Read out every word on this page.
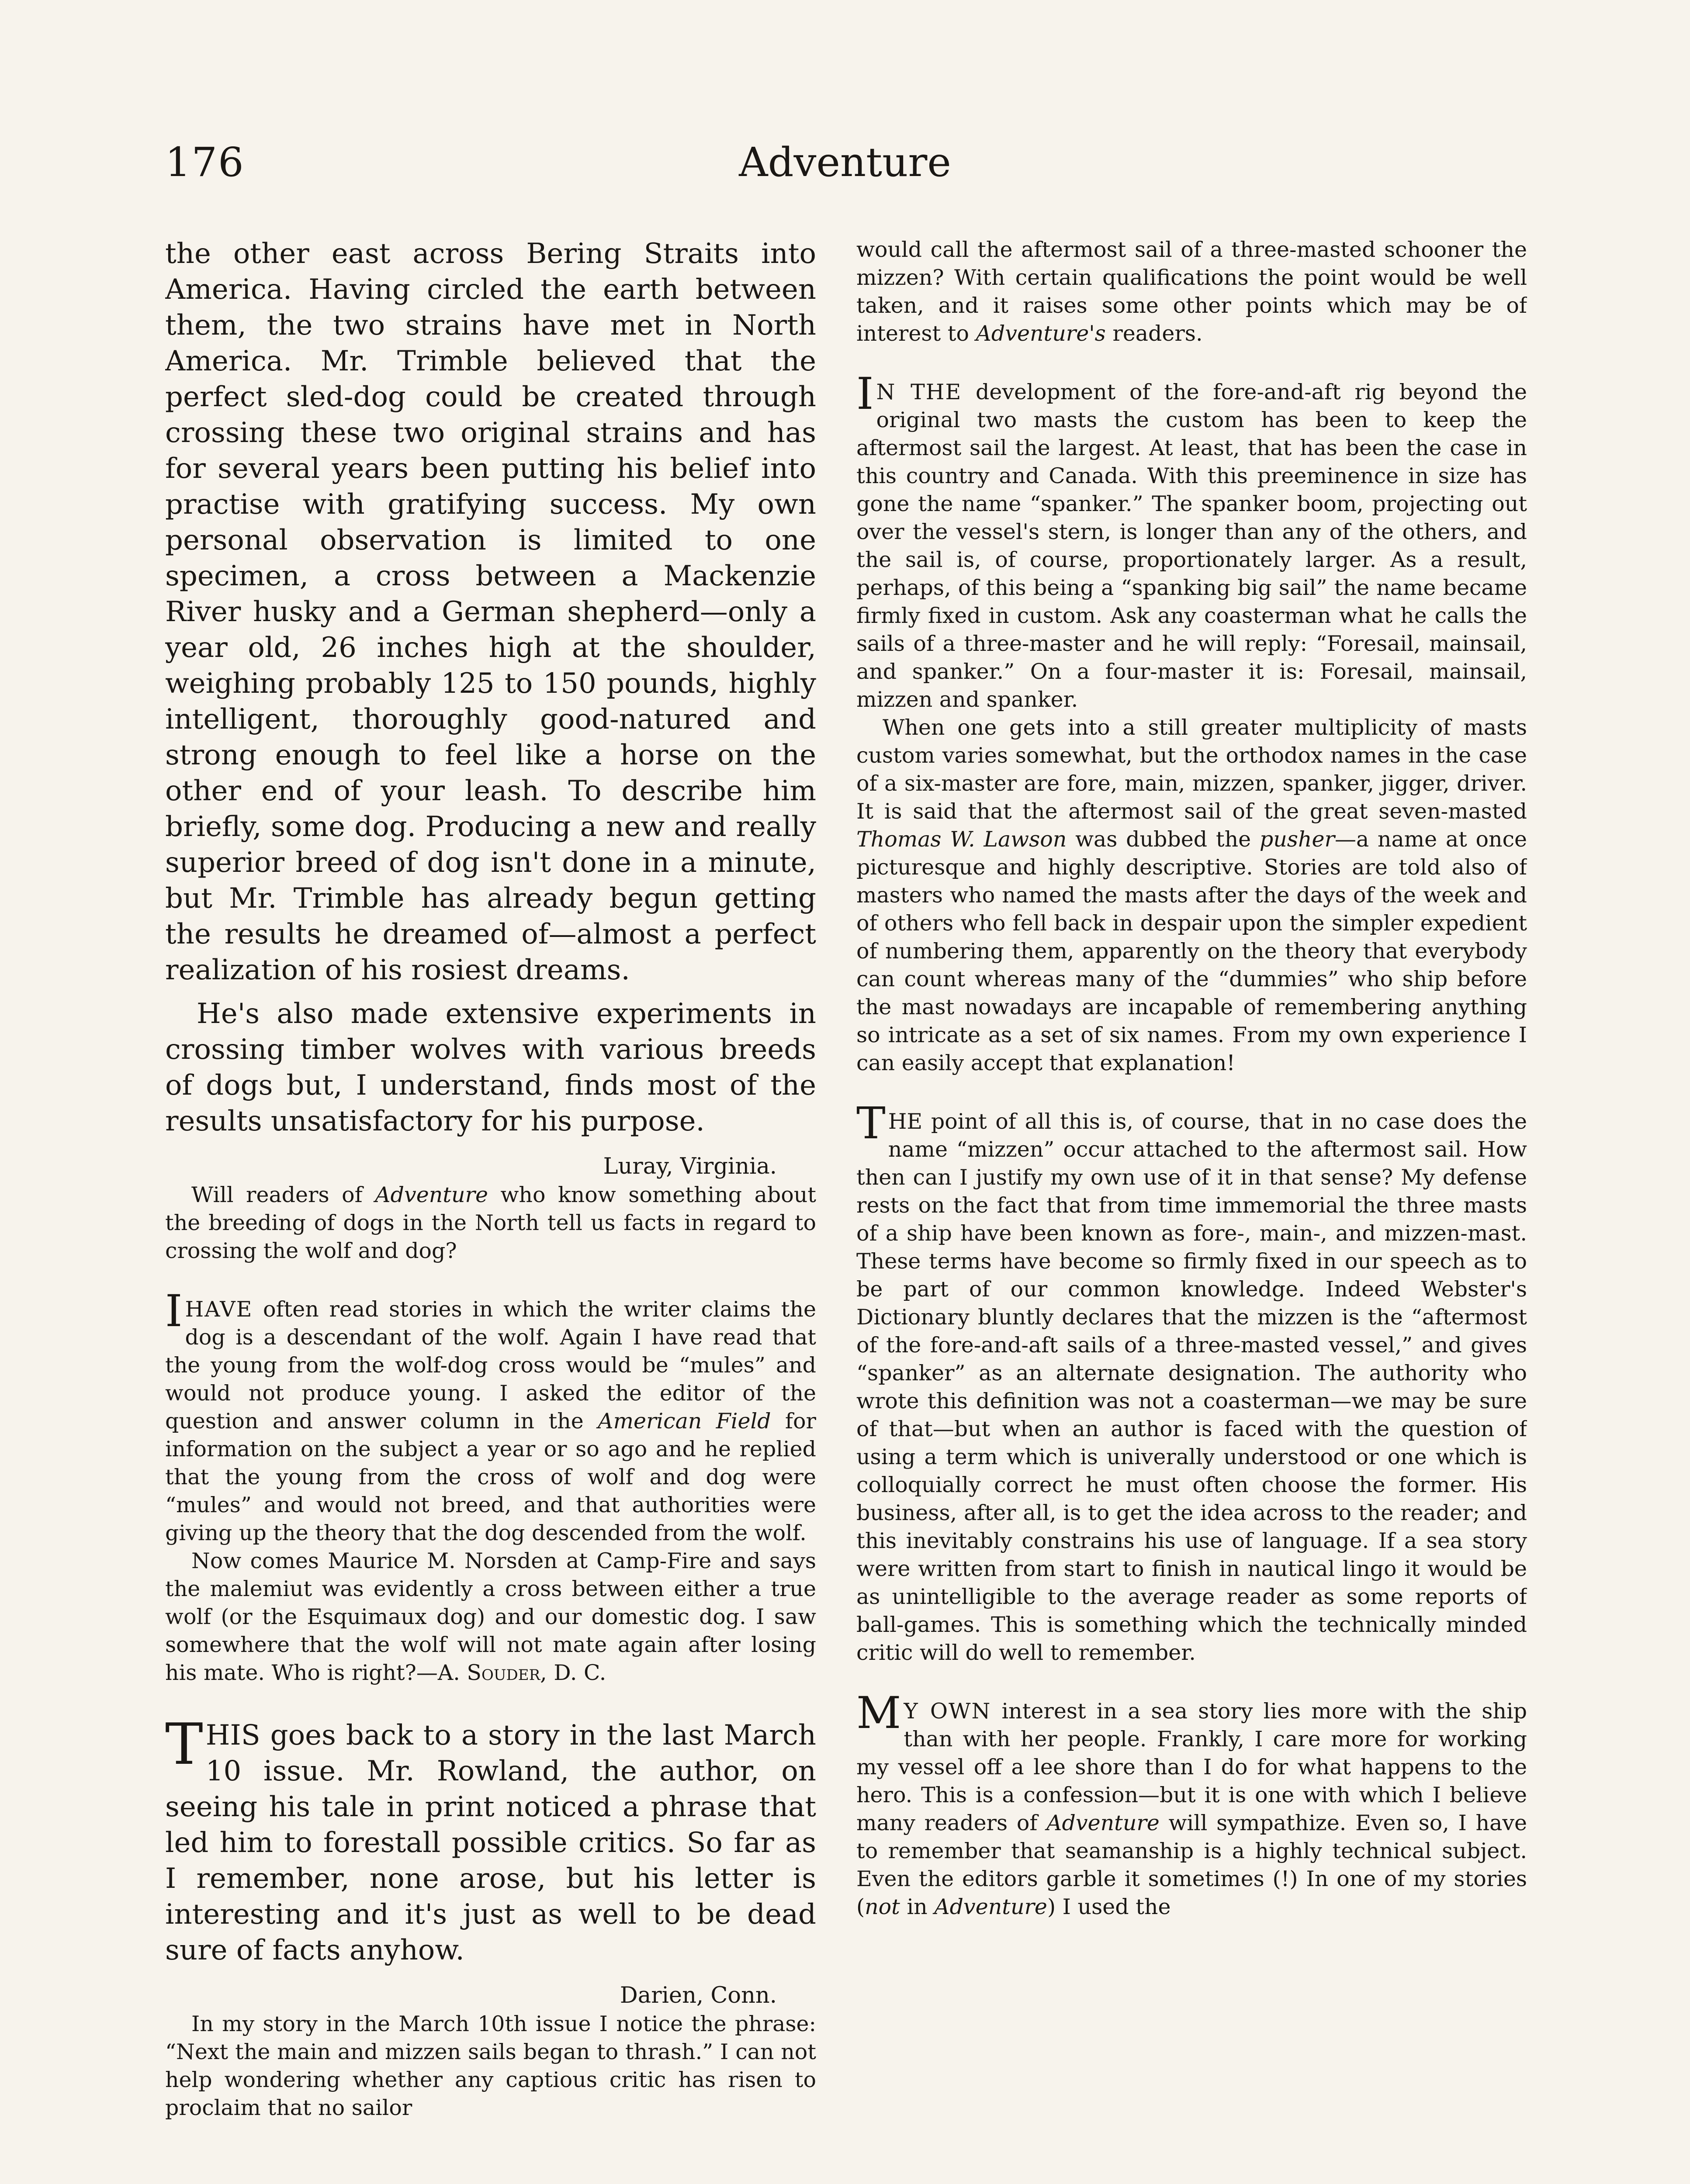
176	Adventure

the other east across Bering Straits into America. Having circled the earth between them, the two strains have met in North America. Mr. Trimble believed that the perfect sled-dog could be created through crossing these two original strains and has for several years been putting his belief into practise with gratifying success. My own personal observation is limited to one specimen, a cross between a Mackenzie River husky and a German shepherd—only a year old, 26 inches high at the shoulder, weighing probably 125 to 150 pounds, highly intelligent, thoroughly good-natured and strong enough to feel like a horse on the other end of your leash. To describe him briefly, some dog. Producing a new and really superior breed of dog isn't done in a minute, but Mr. Trimble has already begun getting the results he dreamed of—almost a perfect realization of his rosiest dreams.

He's also made extensive experiments in crossing timber wolves with various breeds of dogs but, I understand, finds most of the results unsatisfactory for his purpose.

Luray, Virginia.

Will readers of Adventure who know something about the breeding of dogs in the North tell us facts in regard to crossing the wolf and dog?

I HAVE often read stories in which the writer claims the dog is a descendant of the wolf. Again I have read that the young from the wolf-dog cross would be “mules” and would not produce young. I asked the editor of the question and answer column in the American Field for information on the subject a year or so ago and he replied that the young from the cross of wolf and dog were “mules” and would not breed, and that authorities were giving up the theory that the dog descended from the wolf.

Now comes Maurice M. Norsden at Camp-Fire and says the malemiut was evidently a cross between either a true wolf (or the Esquimaux dog) and our domestic dog. I saw somewhere that the wolf will not mate again after losing his mate. Who is right?—A. Souder, D. C.

THIS goes back to a story in the last March 10 issue. Mr. Rowland, the author, on seeing his tale in print noticed a phrase that led him to forestall possible critics. So far as I remember, none arose, but his letter is interesting and it's just as well to be dead sure of facts anyhow.

Darien, Conn.

In my story in the March 10th issue I notice the phrase: “Next the main and mizzen sails began to thrash.” I can not help wondering whether any captious critic has risen to proclaim that no sailor

would call the aftermost sail of a three-masted schooner the mizzen? With certain qualifications the point would be well taken, and it raises some other points which may be of interest to Adventure's readers.

I N THE development of the fore-and-aft rig beyond the original two masts the custom has been to keep the aftermost sail the largest. At least, that has been the case in this country and Canada. With this preeminence in size has gone the name “spanker.” The spanker boom, projecting out over the vessel's stern, is longer than any of the others, and the sail is, of course, proportionately larger. As a result, perhaps, of this being a “spanking big sail” the name became firmly fixed in custom. Ask any coasterman what he calls the sails of a three-master and he will reply: “Foresail, mainsail, and spanker.” On a four-master it is: Foresail, mainsail, mizzen and spanker.

When one gets into a still greater multiplicity of masts custom varies somewhat, but the orthodox names in the case of a six-master are fore, main, mizzen, spanker, jigger, driver. It is said that the aftermost sail of the great seven-masted Thomas W. Lawson was dubbed the pusher—a name at once picturesque and highly descriptive. Stories are told also of masters who named the masts after the days of the week and of others who fell back in despair upon the simpler expedient of numbering them, apparently on the theory that everybody can count whereas many of the “dummies” who ship before the mast nowadays are incapable of remembering anything so intricate as a set of six names. From my own experience I can easily accept that explanation!

THE point of all this is, of course, that in no case does the name “mizzen” occur attached to the aftermost sail. How then can I justify my own use of it in that sense? My defense rests on the fact that from time immemorial the three masts of a ship have been known as fore-, main-, and mizzen-mast. These terms have become so firmly fixed in our speech as to be part of our common knowledge. Indeed Webster's Dictionary bluntly declares that the mizzen is the “aftermost of the fore-and-aft sails of a three-masted vessel,” and gives “spanker” as an alternate designation. The authority who wrote this definition was not a coasterman—we may be sure of that—but when an author is faced with the question of using a term which is univerally understood or one which is colloquially correct he must often choose the former. His business, after all, is to get the idea across to the reader; and this inevitably constrains his use of language. If a sea story were written from start to finish in nautical lingo it would be as unintelligible to the average reader as some reports of ball-games. This is something which the technically minded critic will do well to remember.

M Y OWN interest in a sea story lies more with the ship than with her people. Frankly, I care more for working my vessel off a lee shore than I do for what happens to the hero. This is a confession—but it is one with which I believe many readers of Adventure will sympathize. Even so, I have to remember that seamanship is a highly technical subject. Even the editors garble it sometimes (!) In one of my stories (not in Adventure) I used the
